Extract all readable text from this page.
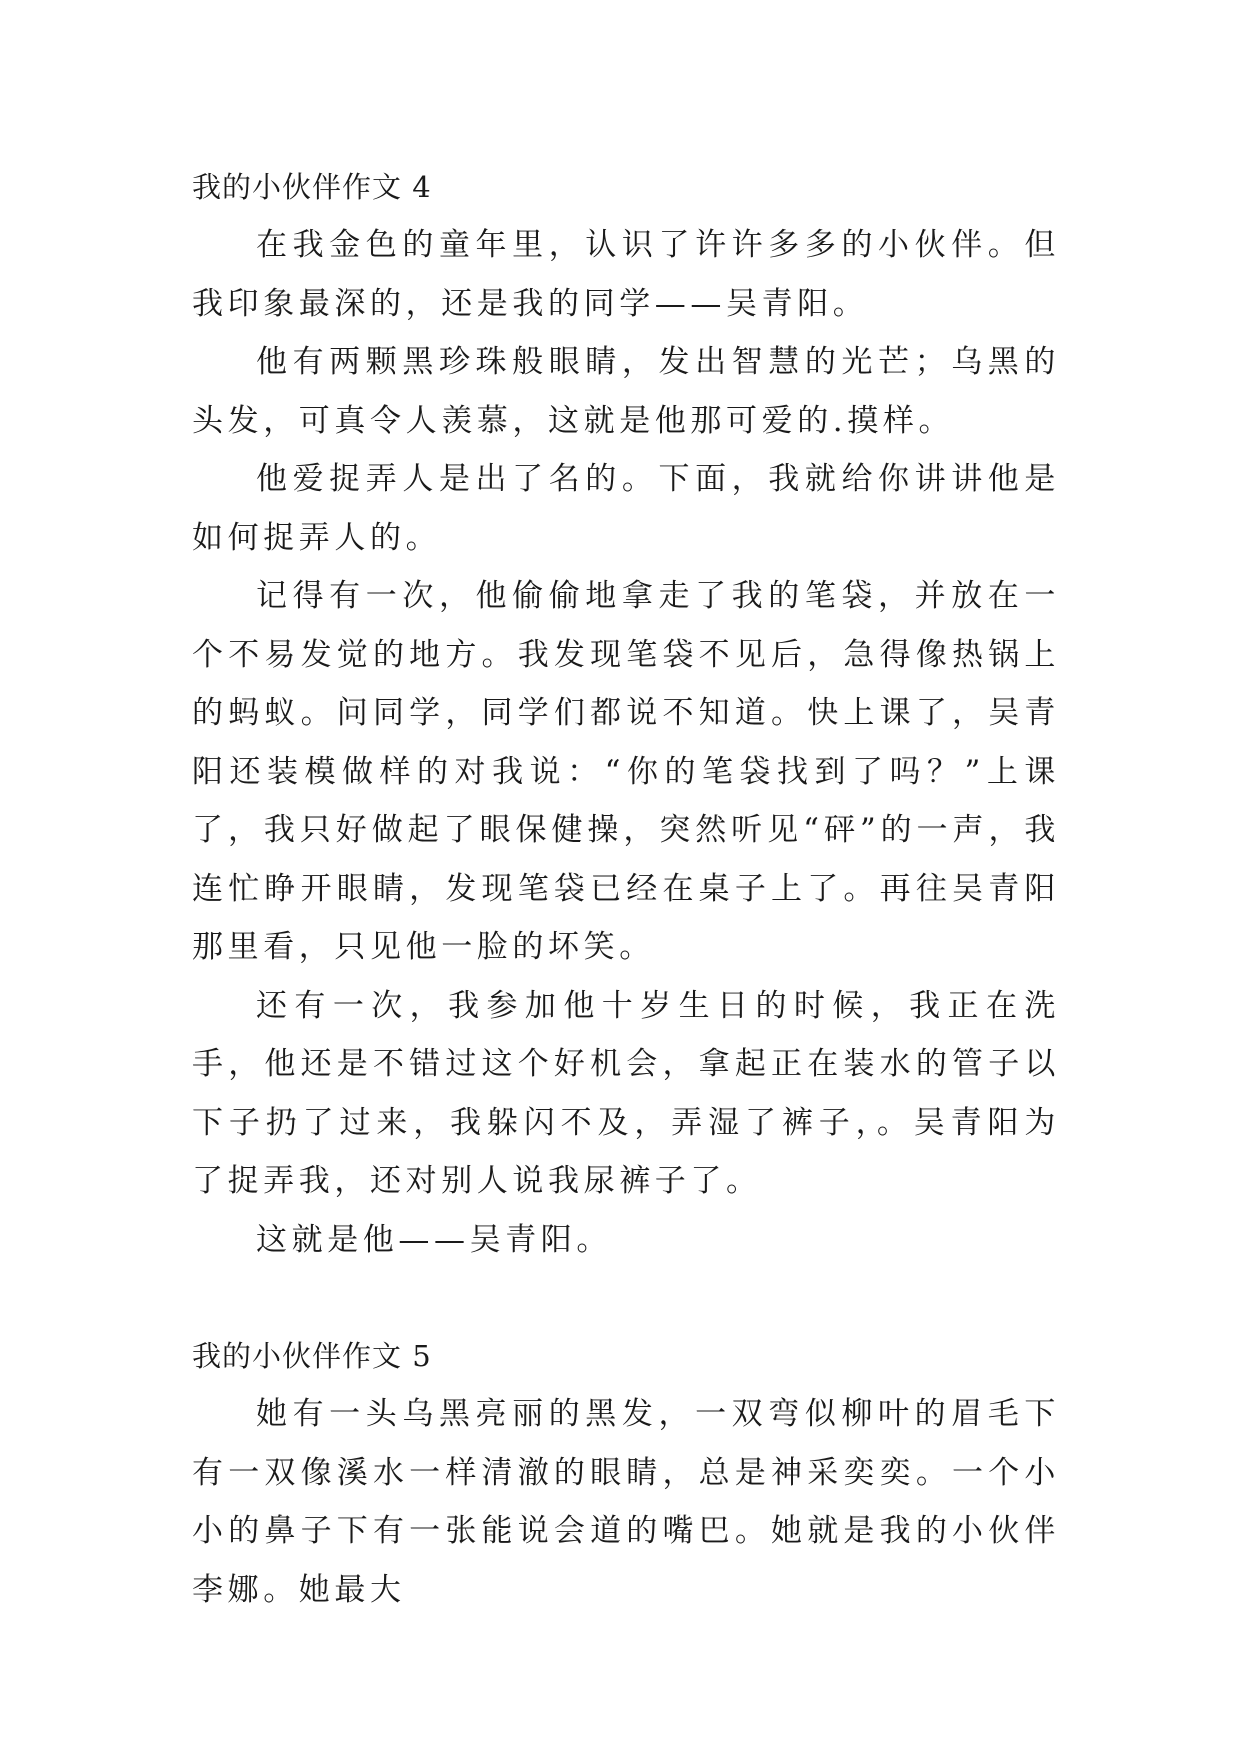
我的小伙伴作文 4

在我金色的童年里，认识了许许多多的小伙伴。但我印象最深的，还是我的同学——吴青阳。

他有两颗黑珍珠般眼睛，发出智慧的光芒；乌黑的头发，可真令人羡慕，这就是他那可爱的.摸样。

他爱捉弄人是出了名的。下面，我就给你讲讲他是如何捉弄人的。

记得有一次，他偷偷地拿走了我的笔袋，并放在一个不易发觉的地方。我发现笔袋不见后，急得像热锅上的蚂蚁。问同学，同学们都说不知道。快上课了，吴青阳还装模做样的对我说：“你的笔袋找到了吗？”上课了，我只好做起了眼保健操，突然听见“砰”的一声，我连忙睁开眼睛，发现笔袋已经在桌子上了。再往吴青阳那里看，只见他一脸的坏笑。

还有一次，我参加他十岁生日的时候，我正在洗手，他还是不错过这个好机会，拿起正在装水的管子以下子扔了过来，我躲闪不及，弄湿了裤子，。吴青阳为了捉弄我，还对别人说我尿裤子了。

这就是他——吴青阳。

我的小伙伴作文 5

她有一头乌黑亮丽的黑发，一双弯似柳叶的眉毛下有一双像溪水一样清澈的眼睛，总是神采奕奕。一个小小的鼻子下有一张能说会道的嘴巴。她就是我的小伙伴李娜。她最大
